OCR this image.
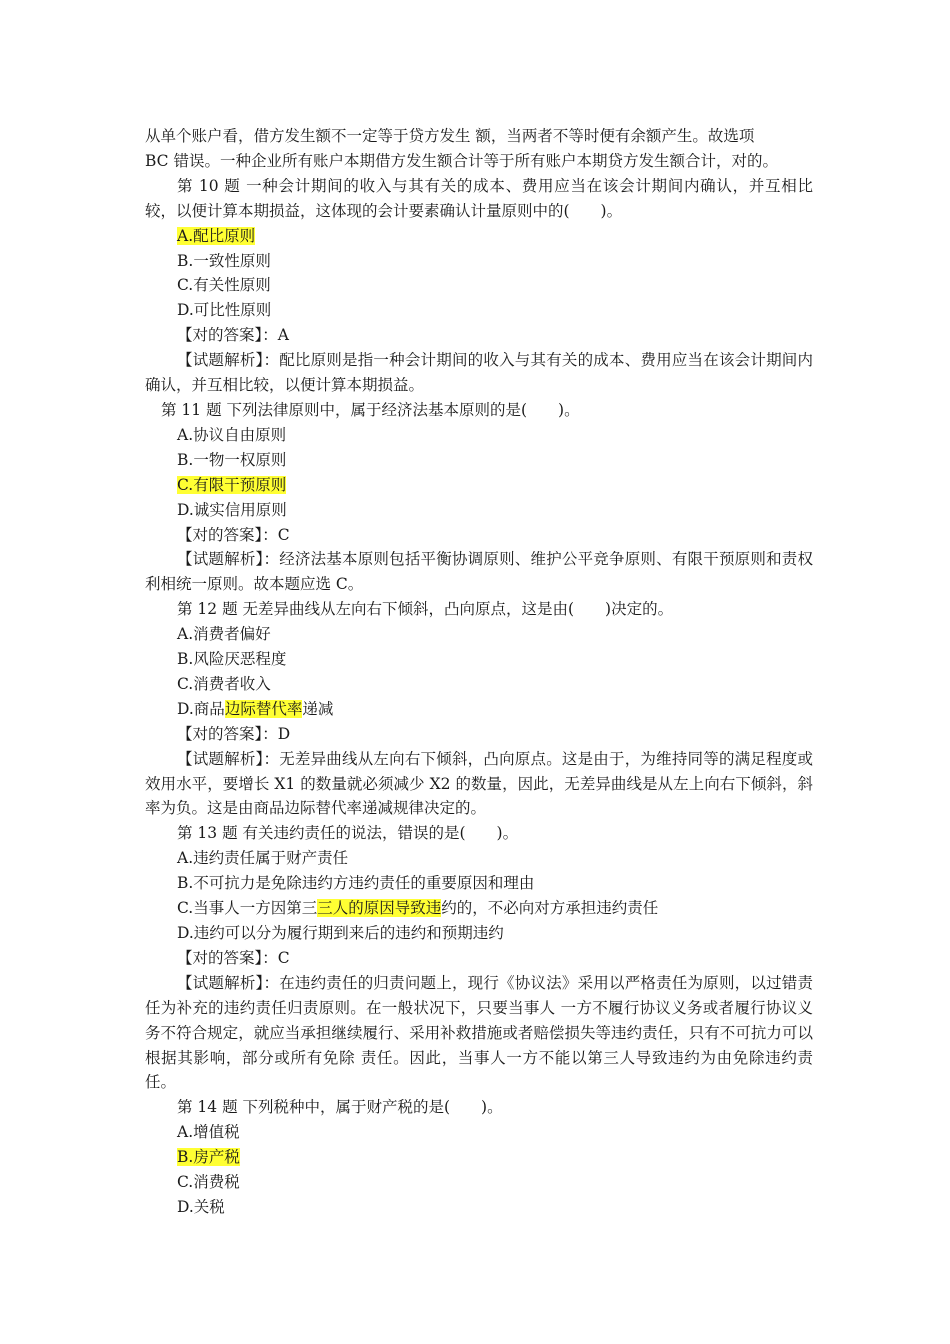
从单个账户看，借方发生额不一定等于贷方发生 额，当两者不等时便有余额产生。故选项

BC 错误。一种企业所有账户本期借方发生额合计等于所有账户本期贷方发生额合计，对的。

第 10 题 一种会计期间的收入与其有关的成本、费用应当在该会计期间内确认，并互相比较，以便计算本期损益，这体现的会计要素确认计量原则中的(　　)。

A.配比原则

B.一致性原则

C.有关性原则

D.可比性原则

【对的答案】：A

【试题解析】：配比原则是指一种会计期间的收入与其有关的成本、费用应当在该会计期间内确认，并互相比较，以便计算本期损益。

第 11 题 下列法律原则中，属于经济法基本原则的是(　　)。

A.协议自由原则

B.一物一权原则

C.有限干预原则

D.诚实信用原则

【对的答案】：C

【试题解析】：经济法基本原则包括平衡协调原则、维护公平竞争原则、有限干预原则和责权利相统一原则。故本题应选 C。

第 12 题 无差异曲线从左向右下倾斜，凸向原点，这是由(　　)决定的。

A.消费者偏好

B.风险厌恶程度

C.消费者收入

D.商品边际替代率递减

【对的答案】：D

【试题解析】：无差异曲线从左向右下倾斜，凸向原点。这是由于，为维持同等的满足程度或效用水平，要增长 X1 的数量就必须减少 X2 的数量，因此，无差异曲线是从左上向右下倾斜，斜率为负。这是由商品边际替代率递减规律决定的。

第 13 题 有关违约责任的说法，错误的是(　　)。

A.违约责任属于财产责任

B.不可抗力是免除违约方违约责任的重要原因和理由

C.当事人一方因第三三人的原因导致违约的，不必向对方承担违约责任

D.违约可以分为履行期到来后的违约和预期违约

【对的答案】：C

【试题解析】：在违约责任的归责问题上，现行《协议法》采用以严格责任为原则，以过错责任为补充的违约责任归责原则。在一般状况下，只要当事人 一方不履行协议义务或者履行协议义务不符合规定，就应当承担继续履行、采用补救措施或者赔偿损失等违约责任，只有不可抗力可以根据其影响，部分或所有免除 责任。因此，当事人一方不能以第三人导致违约为由免除违约责任。

第 14 题 下列税种中，属于财产税的是(　　)。

A.增值税

B.房产税

C.消费税

D.关税
